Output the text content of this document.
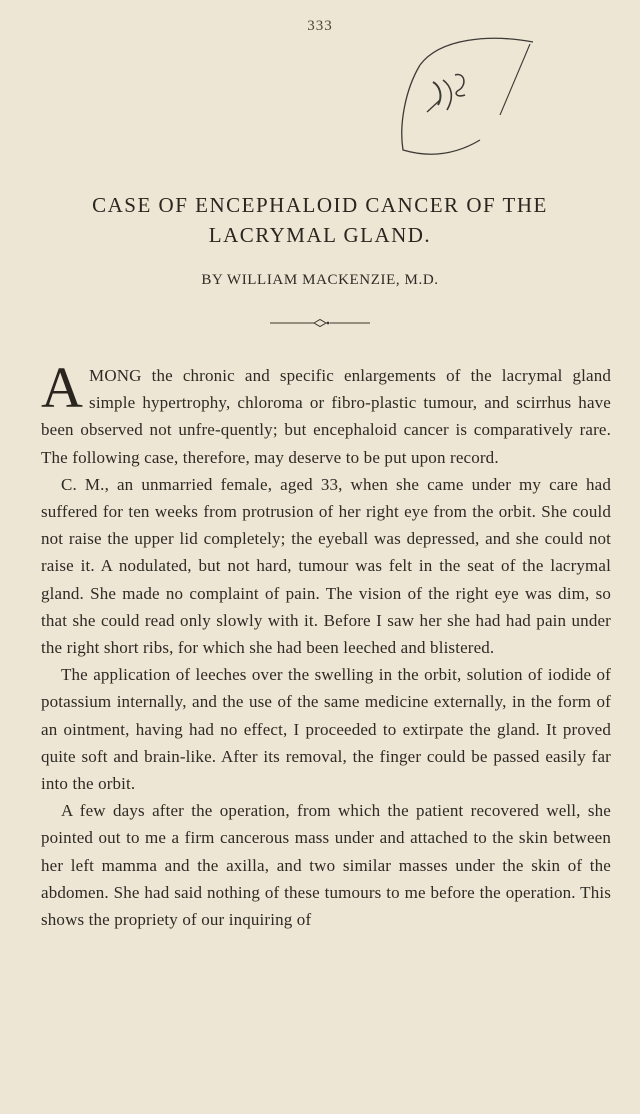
333
CASE OF ENCEPHALOID CANCER OF THE
LACRYMAL GLAND.
BY WILLIAM MACKENZIE, M.D.

AMONG the chronic and specific enlargements of the lacrymal gland simple hypertrophy, chloroma or fibro-plastic tumour, and scirrhus have been observed not unfre-quently; but encephaloid cancer is comparatively rare. The following case, therefore, may deserve to be put upon record.

C. M., an unmarried female, aged 33, when she came under my care had suffered for ten weeks from protrusion of her right eye from the orbit. She could not raise the upper lid completely; the eyeball was depressed, and she could not raise it. A nodulated, but not hard, tumour was felt in the seat of the lacrymal gland. She made no complaint of pain. The vision of the right eye was dim, so that she could read only slowly with it. Before I saw her she had had pain under the right short ribs, for which she had been leeched and blistered.

The application of leeches over the swelling in the orbit, solution of iodide of potassium internally, and the use of the same medicine externally, in the form of an ointment, having had no effect, I proceeded to extirpate the gland. It proved quite soft and brain-like. After its removal, the finger could be passed easily far into the orbit.

A few days after the operation, from which the patient recovered well, she pointed out to me a firm cancerous mass under and attached to the skin between her left mamma and the axilla, and two similar masses under the skin of the abdomen. She had said nothing of these tumours to me before the operation. This shows the propriety of our inquiring of
